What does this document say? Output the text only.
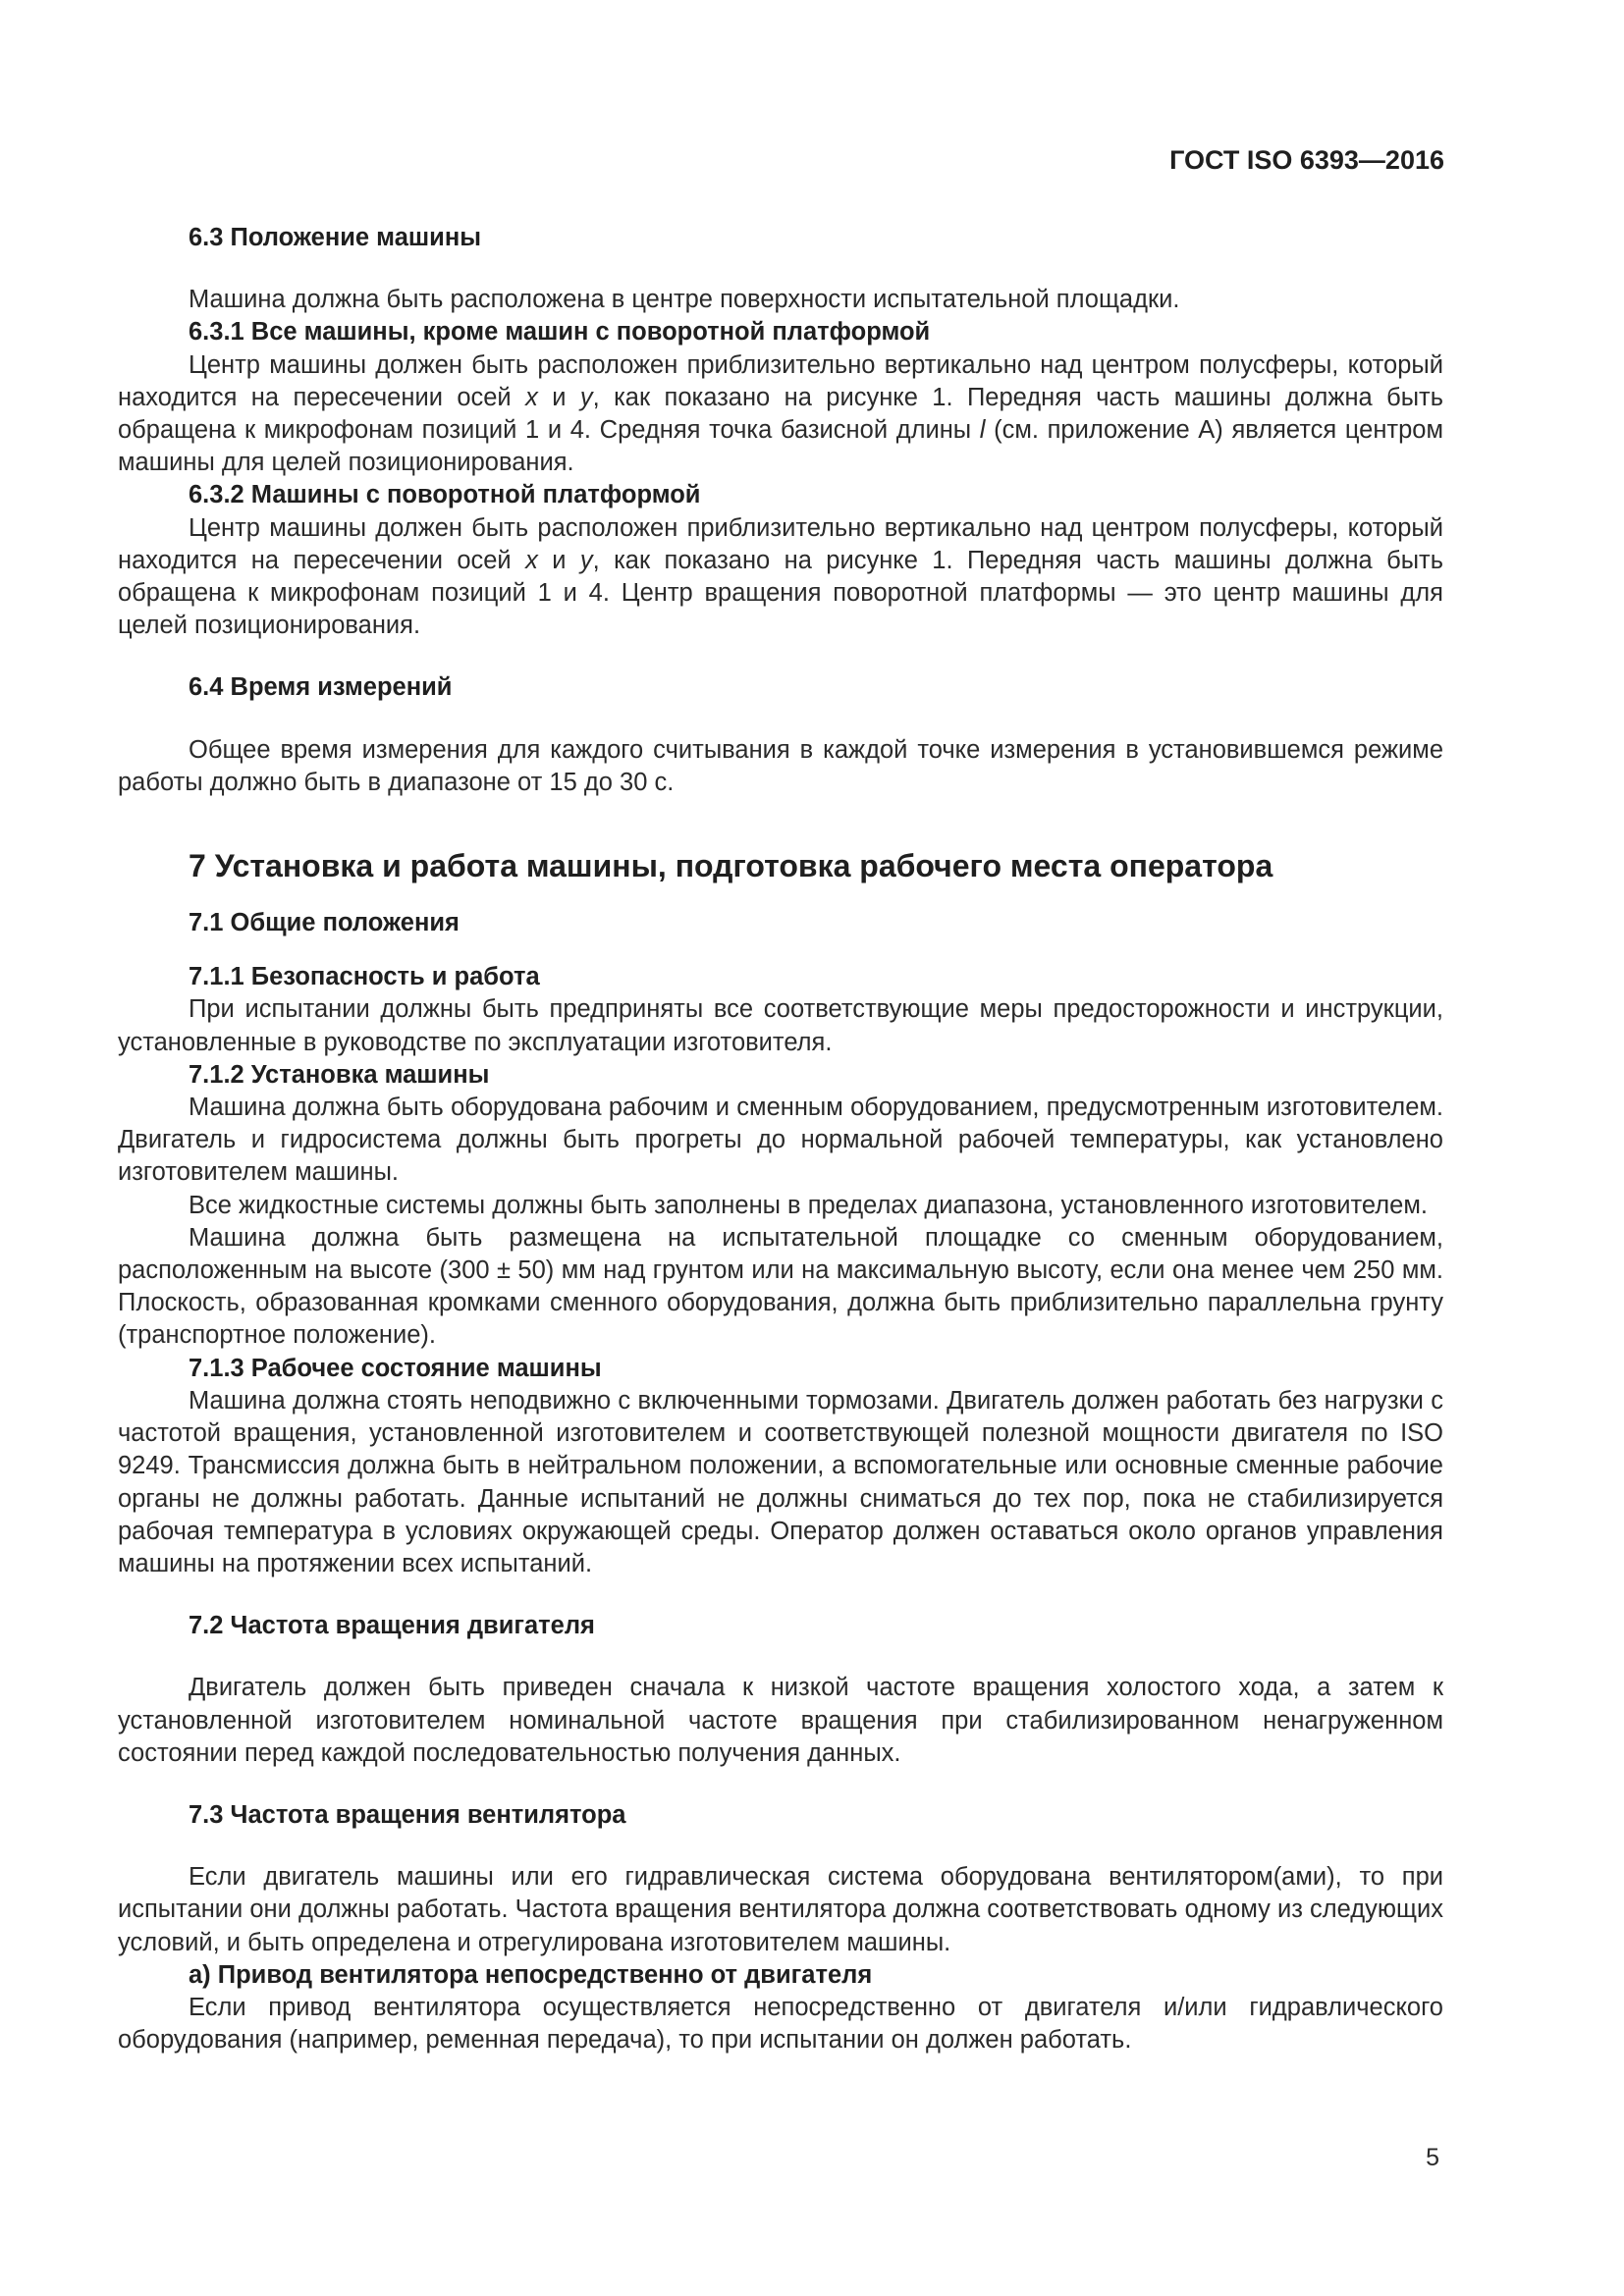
ГОСТ ISO 6393—2016

6.3 Положение машины

Машина должна быть расположена в центре поверхности испытательной площадки.

6.3.1 Все машины, кроме машин с поворотной платформой

Центр машины должен быть расположен приблизительно вертикально над центром полусферы, который находится на пересечении осей x и y, как показано на рисунке 1. Передняя часть машины должна быть обращена к микрофонам позиций 1 и 4. Средняя точка базисной длины l (см. приложение А) является центром машины для целей позиционирования.

6.3.2 Машины с поворотной платформой

Центр машины должен быть расположен приблизительно вертикально над центром полусферы, который находится на пересечении осей x и y, как показано на рисунке 1. Передняя часть машины должна быть обращена к микрофонам позиций 1 и 4. Центр вращения поворотной платформы — это центр машины для целей позиционирования.

6.4 Время измерений

Общее время измерения для каждого считывания в каждой точке измерения в установившемся режиме работы должно быть в диапазоне от 15 до 30 с.

7 Установка и работа машины, подготовка рабочего места оператора

7.1 Общие положения

7.1.1 Безопасность и работа

При испытании должны быть предприняты все соответствующие меры предосторожности и инструкции, установленные в руководстве по эксплуатации изготовителя.

7.1.2 Установка машины

Машина должна быть оборудована рабочим и сменным оборудованием, предусмотренным изготовителем. Двигатель и гидросистема должны быть прогреты до нормальной рабочей температуры, как установлено изготовителем машины.

Все жидкостные системы должны быть заполнены в пределах диапазона, установленного изготовителем.

Машина должна быть размещена на испытательной площадке со сменным оборудованием, расположенным на высоте (300 ± 50) мм над грунтом или на максимальную высоту, если она менее чем 250 мм. Плоскость, образованная кромками сменного оборудования, должна быть приблизительно параллельна грунту (транспортное положение).

7.1.3 Рабочее состояние машины

Машина должна стоять неподвижно с включенными тормозами. Двигатель должен работать без нагрузки с частотой вращения, установленной изготовителем и соответствующей полезной мощности двигателя по ISO 9249. Трансмиссия должна быть в нейтральном положении, а вспомогательные или основные сменные рабочие органы не должны работать. Данные испытаний не должны сниматься до тех пор, пока не стабилизируется рабочая температура в условиях окружающей среды. Оператор должен оставаться около органов управления машины на протяжении всех испытаний.

7.2 Частота вращения двигателя

Двигатель должен быть приведен сначала к низкой частоте вращения холостого хода, а затем к установленной изготовителем номинальной частоте вращения при стабилизированном ненагруженном состоянии перед каждой последовательностью получения данных.

7.3 Частота вращения вентилятора

Если двигатель машины или его гидравлическая система оборудована вентилятором(ами), то при испытании они должны работать. Частота вращения вентилятора должна соответствовать одному из следующих условий, и быть определена и отрегулирована изготовителем машины.

а) Привод вентилятора непосредственно от двигателя

Если привод вентилятора осуществляется непосредственно от двигателя и/или гидравлического оборудования (например, ременная передача), то при испытании он должен работать.

5
